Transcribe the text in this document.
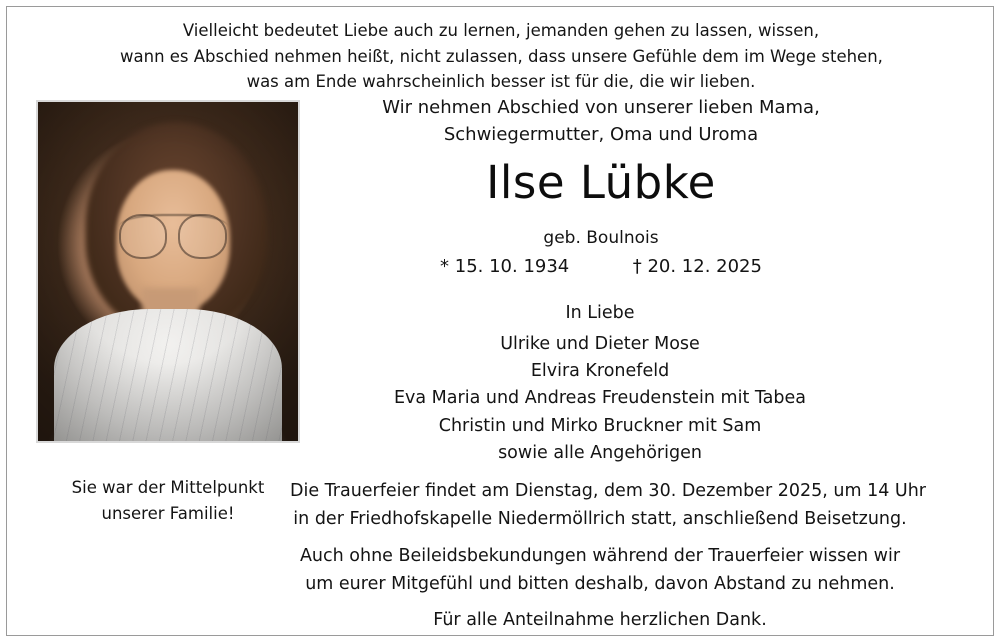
Vielleicht bedeutet Liebe auch zu lernen, jemanden gehen zu lassen, wissen,
wann es Abschied nehmen heißt, nicht zulassen, dass unsere Gefühle dem im Wege stehen,
was am Ende wahrscheinlich besser ist für die, die wir lieben.
Sie war der Mittelpunkt
unserer Familie!
Wir nehmen Abschied von unserer lieben Mama,
Schwiegermutter, Oma und Uroma
Ilse Lübke
geb. Boulnois
* 15. 10. 1934	† 20. 12. 2025
In Liebe
Ulrike und Dieter Mose
Elvira Kronefeld
Eva Maria und Andreas Freudenstein mit Tabea
Christin und Mirko Bruckner mit Sam
sowie alle Angehörigen
Die Trauerfeier findet am Dienstag, dem 30. Dezember 2025, um 14 Uhr
in der Friedhofskapelle Niedermöllrich statt, anschließend Beisetzung.
Auch ohne Beileidsbekundungen während der Trauerfeier wissen wir
um eurer Mitgefühl und bitten deshalb, davon Abstand zu nehmen.
Für alle Anteilnahme herzlichen Dank.
